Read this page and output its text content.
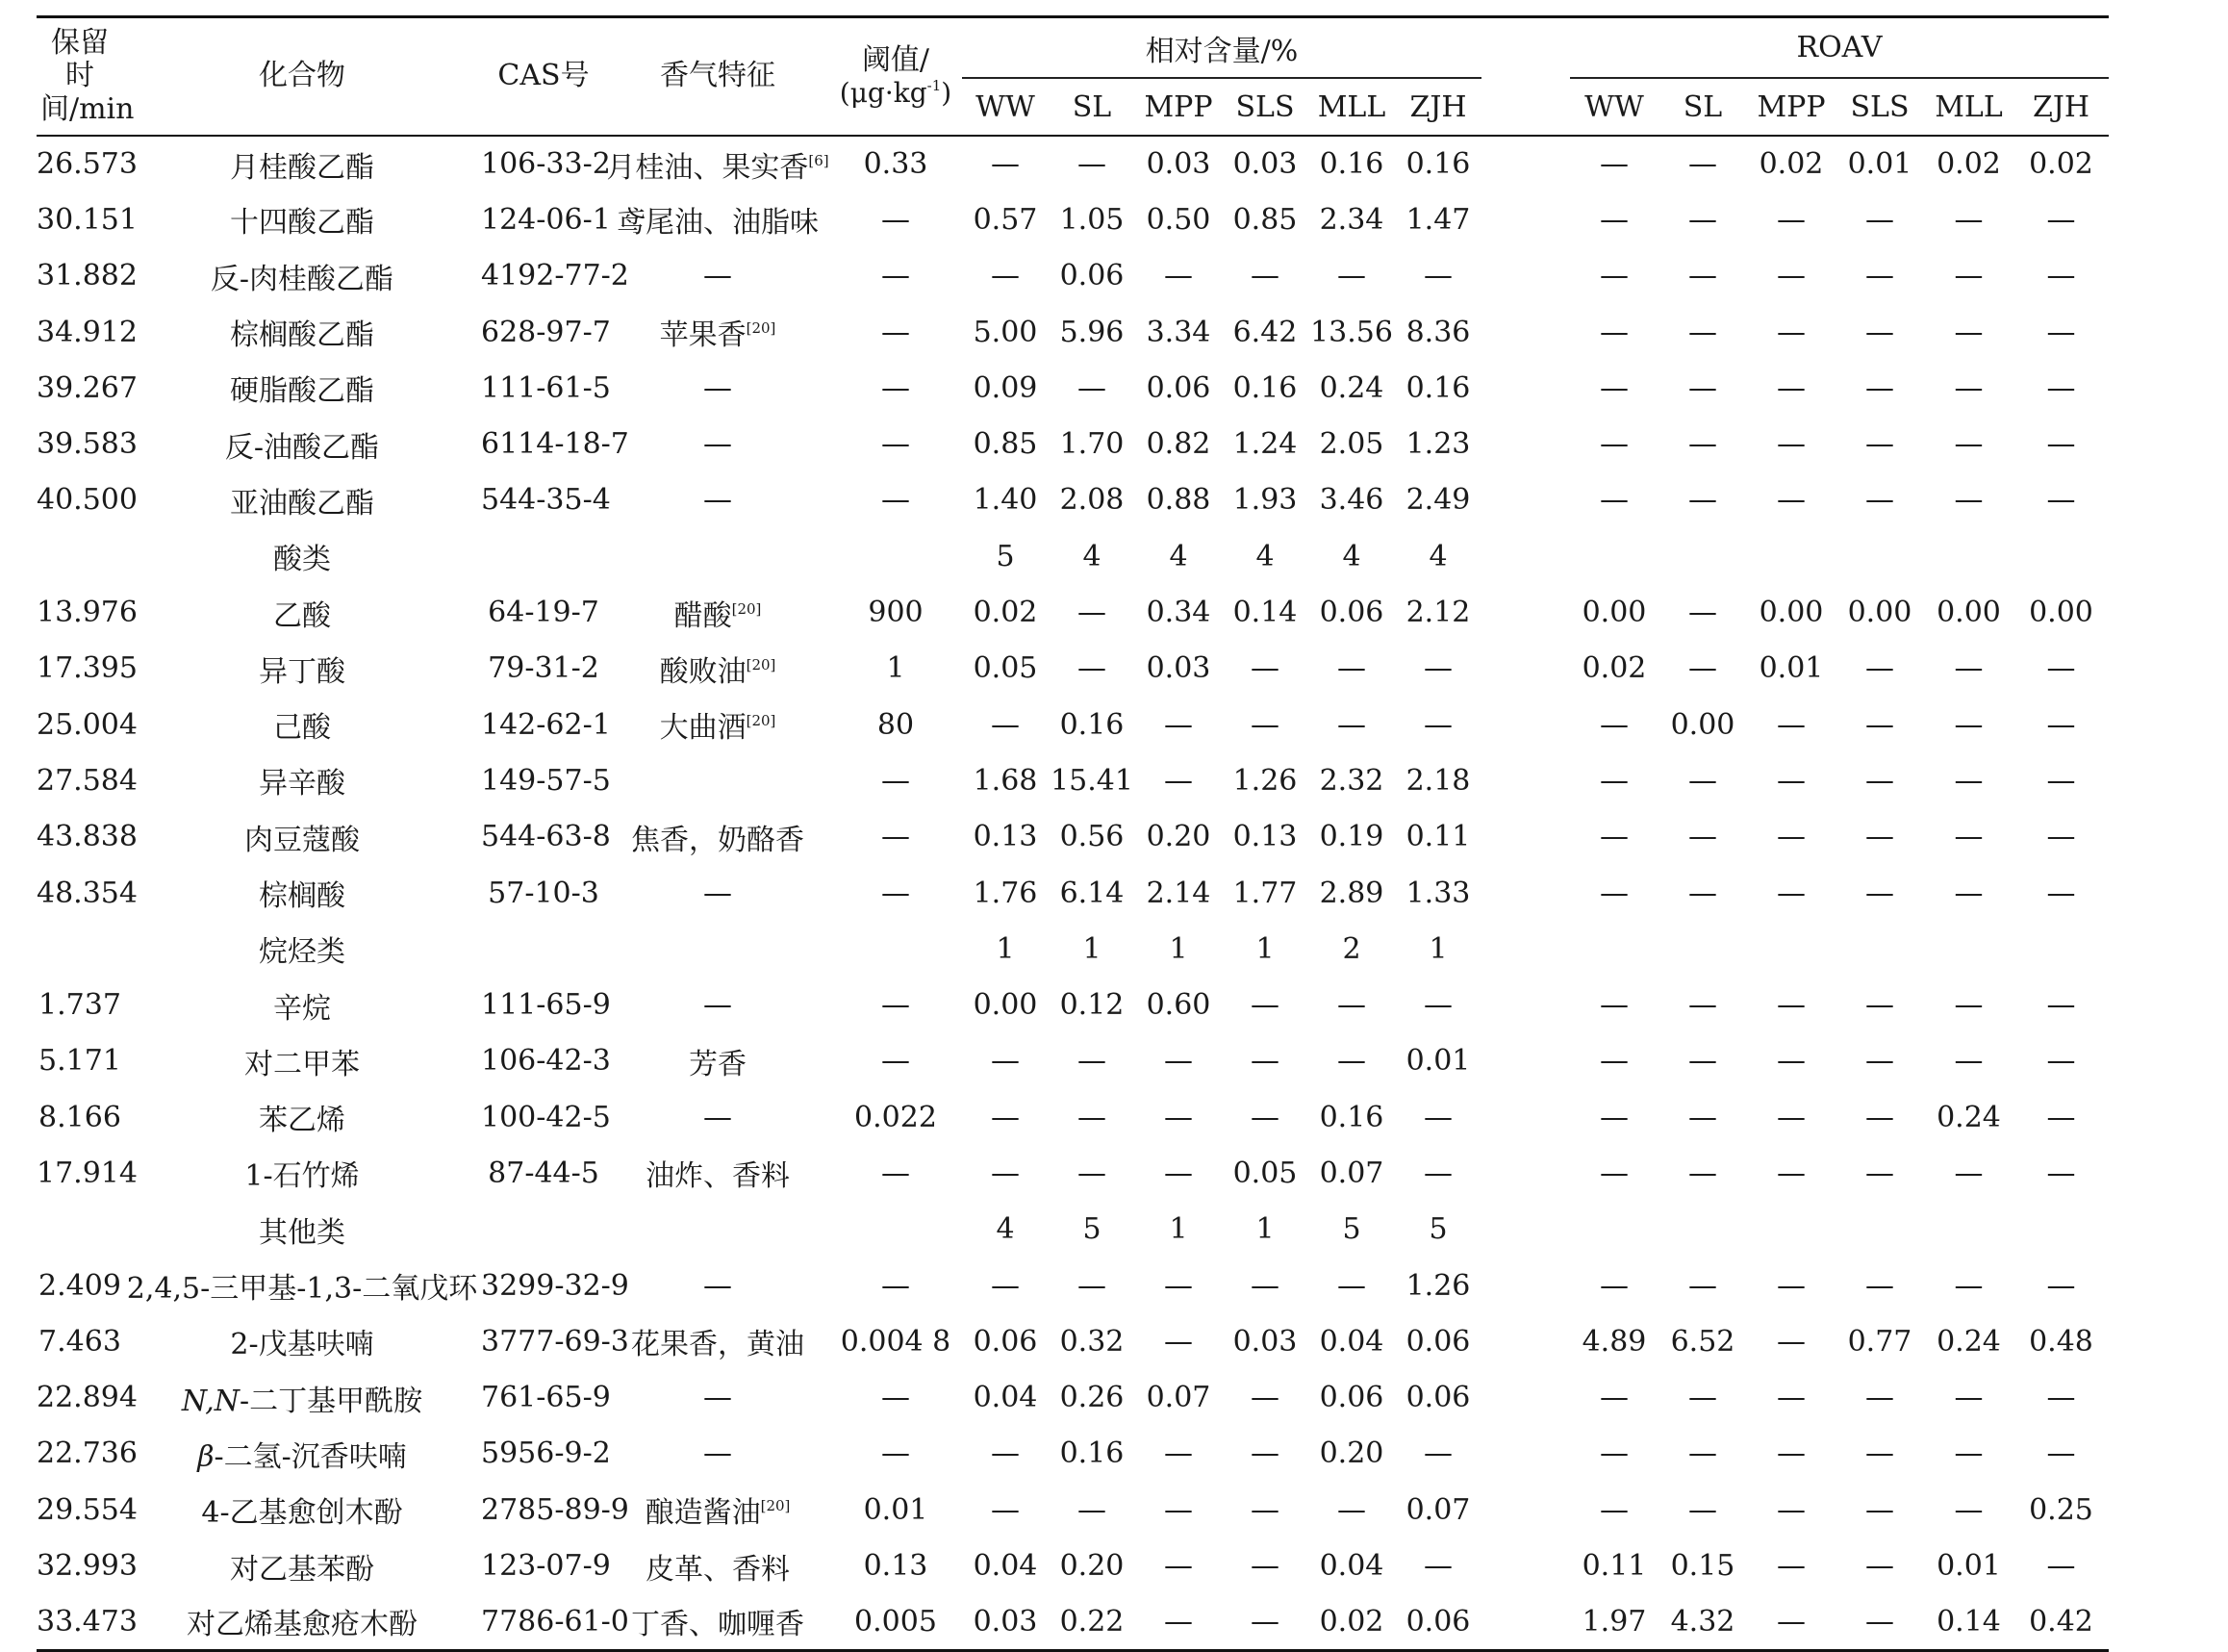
保留时间/min	化合物	CAS号	香气特征	阈值/
$(\mu g\cdot kg^{-1})$	相对含量/%							ROAV					
					WW	SL	MPP	SLS	MLL	ZJH		WW	SL	MPP	SLS	MLL	ZJH
26.573	月桂酸乙酯	106-33-2	月桂油、果实香[6]	0.33	—	—	0.03	0.03	0.16	0.16		—	—	0.02	0.01	0.02	0.02
30.151	十四酸乙酯	124-06-1	鸢尾油、油脂味	—	0.57	1.05	0.50	0.85	2.34	1.47		—	—	—	—	—	—
31.882	反-肉桂酸乙酯	4192-77-2	—	—	—	0.06	—	—	—	—		—	—	—	—	—	—
34.912	棕榈酸乙酯	628-97-7	苹果香[20]	—	5.00	5.96	3.34	6.42	13.56	8.36		—	—	—	—	—	—
39.267	硬脂酸乙酯	111-61-5	—	—	0.09	—	0.06	0.16	0.24	0.16		—	—	—	—	—	—
39.583	反-油酸乙酯	6114-18-7	—	—	0.85	1.70	0.82	1.24	2.05	1.23		—	—	—	—	—	—
40.500	亚油酸乙酯	544-35-4	—	—	1.40	2.08	0.88	1.93	3.46	2.49		—	—	—	—	—	—
	酸类				5	4	4	4	4	4							
13.976	乙酸	64-19-7	醋酸[20]	900	0.02	—	0.34	0.14	0.06	2.12		0.00	—	0.00	0.00	0.00	0.00
17.395	异丁酸	79-31-2	酸败油[20]	1	0.05	—	0.03	—	—	—		0.02	—	0.01	—	—	—
25.004	己酸	142-62-1	大曲酒[20]	80	—	0.16	—	—	—	—		—	0.00	—	—	—	—
27.584	异辛酸	149-57-5		—	1.68	15.41	—	1.26	2.32	2.18		—	—	—	—	—	—
43.838	肉豆蔻酸	544-63-8	焦香，奶酪香	—	0.13	0.56	0.20	0.13	0.19	0.11		—	—	—	—	—	—
48.354	棕榈酸	57-10-3	—	—	1.76	6.14	2.14	1.77	2.89	1.33		—	—	—	—	—	—
	烷烃类				1	1	1	1	2	1							
1.737	辛烷	111-65-9	—	—	0.00	0.12	0.60	—	—	—		—	—	—	—	—	—
5.171	对二甲苯	106-42-3	芳香	—	—	—	—	—	—	0.01		—	—	—	—	—	—
8.166	苯乙烯	100-42-5	—	0.022	—	—	—	—	0.16	—		—	—	—	—	0.24	—
17.914	1-石竹烯	87-44-5	油炸、香料	—	—	—	—	0.05	0.07	—		—	—	—	—	—	—
	其他类				4	5	1	1	5	5							
2.409	2,4,5-三甲基-1,3-二氧戊环	3299-32-9	—	—	—	—	—	—	—	1.26		—	—	—	—	—	—
7.463	2-戊基呋喃	3777-69-3	花果香，黄油	0.004 8	0.06	0.32	—	0.03	0.04	0.06		4.89	6.52	—	0.77	0.24	0.48
22.894	N,N-二丁基甲酰胺	761-65-9	—	—	0.04	0.26	0.07	—	0.06	0.06		—	—	—	—	—	—
22.736	β-二氢-沉香呋喃	5956-9-2	—	—	—	0.16	—	—	0.20	—		—	—	—	—	—	—
29.554	4-乙基愈创木酚	2785-89-9	酿造酱油[20]	0.01	—	—	—	—	—	0.07		—	—	—	—	—	0.25
32.993	对乙基苯酚	123-07-9	皮革、香料	0.13	0.04	0.20	—	—	0.04	—		0.11	0.15	—	—	0.01	—
33.473	对乙烯基愈疮木酚	7786-61-0	丁香、咖喱香	0.005	0.03	0.22	—	—	0.02	0.06		1.97	4.32	—	—	0.14	0.42
